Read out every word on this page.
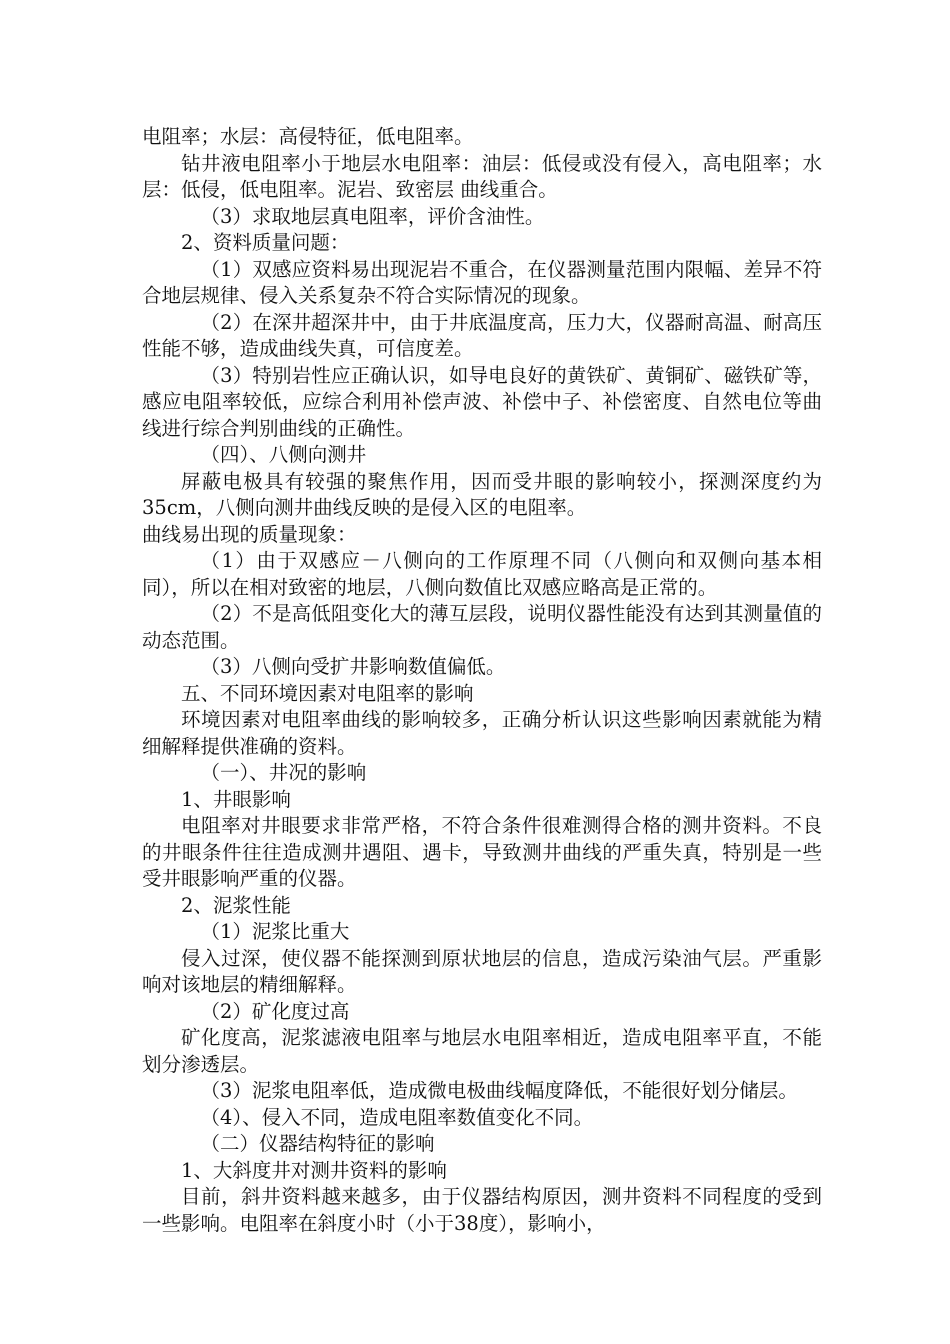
电阻率；水层：高侵特征，低电阻率。

钻井液电阻率小于地层水电阻率：油层：低侵或没有侵入，高电阻率；水层：低侵，低电阻率。泥岩、致密层 曲线重合。

（3）求取地层真电阻率，评价含油性。

2、资料质量问题：

（1）双感应资料易出现泥岩不重合，在仪器测量范围内限幅、差异不符合地层规律、侵入关系复杂不符合实际情况的现象。

（2）在深井超深井中，由于井底温度高，压力大，仪器耐高温、耐高压性能不够，造成曲线失真，可信度差。

（3）特别岩性应正确认识，如导电良好的黄铁矿、黄铜矿、磁铁矿等，感应电阻率较低，应综合利用补偿声波、补偿中子、补偿密度、自然电位等曲线进行综合判别曲线的正确性。

（四）、八侧向测井

屏蔽电极具有较强的聚焦作用，因而受井眼的影响较小，探测深度约为35cm，八侧向测井曲线反映的是侵入区的电阻率。

曲线易出现的质量现象：

（1）由于双感应－八侧向的工作原理不同（八侧向和双侧向基本相同），所以在相对致密的地层，八侧向数值比双感应略高是正常的。

（2）不是高低阻变化大的薄互层段，说明仪器性能没有达到其测量值的动态范围。

（3）八侧向受扩井影响数值偏低。

五、不同环境因素对电阻率的影响

环境因素对电阻率曲线的影响较多，正确分析认识这些影响因素就能为精细解释提供准确的资料。

（一）、井况的影响

1、井眼影响

电阻率对井眼要求非常严格，不符合条件很难测得合格的测井资料。不良的井眼条件往往造成测井遇阻、遇卡，导致测井曲线的严重失真，特别是一些受井眼影响严重的仪器。

2、泥浆性能

（1）泥浆比重大

侵入过深，使仪器不能探测到原状地层的信息，造成污染油气层。严重影响对该地层的精细解释。

（2）矿化度过高

矿化度高，泥浆滤液电阻率与地层水电阻率相近，造成电阻率平直，不能划分渗透层。

（3）泥浆电阻率低，造成微电极曲线幅度降低，不能很好划分储层。

（4）、侵入不同，造成电阻率数值变化不同。

（二）仪器结构特征的影响

1、大斜度井对测井资料的影响

目前，斜井资料越来越多，由于仪器结构原因，测井资料不同程度的受到一些影响。电阻率在斜度小时（小于38度），影响小，
